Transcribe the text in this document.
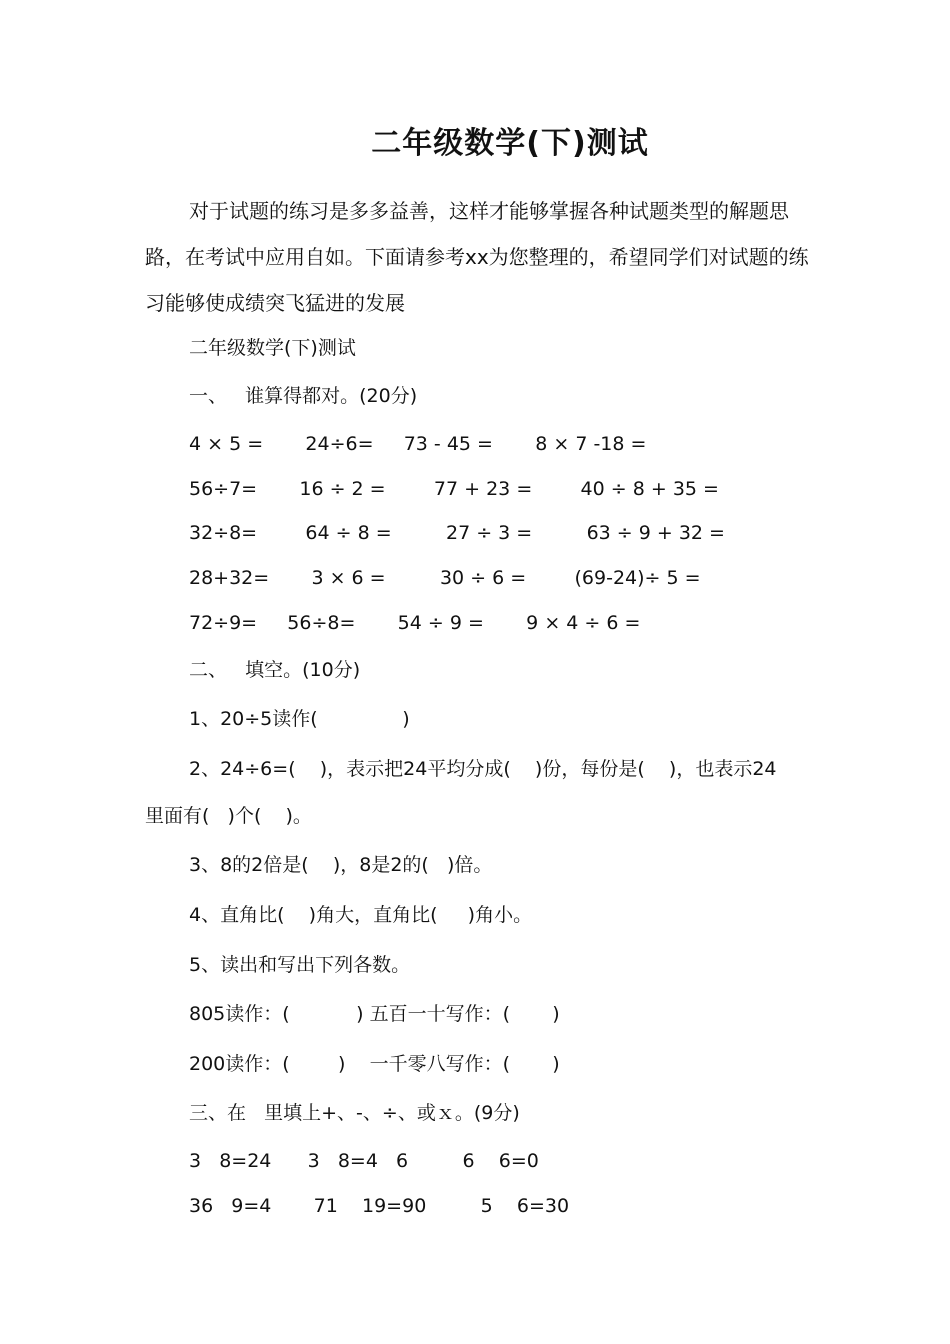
二年级数学(下)测试
对于试题的练习是多多益善，这样才能够掌握各种试题类型的解题思路，在考试中应用自如。下面请参考xx为您整理的，希望同学们对试题的练习能够使成绩突飞猛进的发展
二年级数学(下)测试
一、   谁算得都对。(20分)
4 × 5 =       24÷6=     73 - 45 =       8 × 7 -18 =
56÷7=       16 ÷ 2 =        77 + 23 =        40 ÷ 8 + 35 =
32÷8=        64 ÷ 8 =         27 ÷ 3 =         63 ÷ 9 + 32 =
28+32=       3 × 6 =         30 ÷ 6 =        (69-24)÷ 5 =
72÷9=     56÷8=       54 ÷ 9 =       9 × 4 ÷ 6 =
二、   填空。(10分)
1、20÷5读作(              )
2、24÷6=(    )，表示把24平均分成(    )份，每份是(    )，也表示24
里面有(   )个(    )。
3、8的2倍是(    )，8是2的(   )倍。
4、直角比(    )角大，直角比(     )角小。
5、读出和写出下列各数。
805读作：(           ) 五百一十写作：(       )
200读作：(        )    一千零八写作：(       )
三、在   里填上+、-、÷、或ｘ。(9分)
3   8=24      3   8=4   6         6    6=0
36   9=4       71    19=90         5    6=30
